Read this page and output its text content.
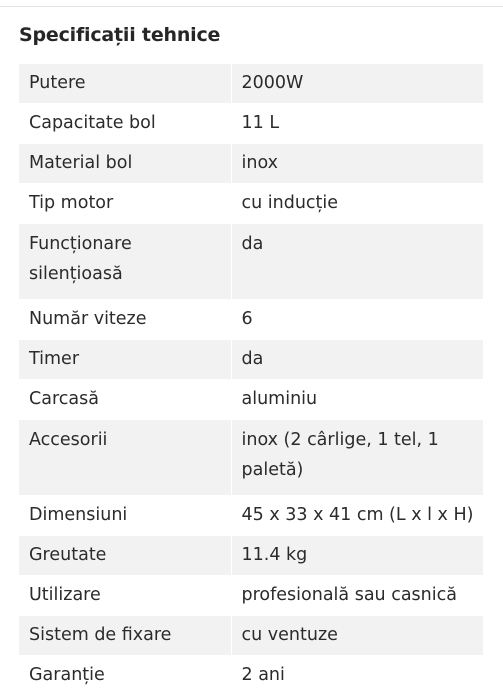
Specificații tehnice
Putere	2000W
Capacitate bol	11 L
Material bol	inox
Tip motor	cu inducție
Funcționare silențioasă	da
Număr viteze	6
Timer	da
Carcasă	aluminiu
Accesorii	inox (2 cârlige, 1 tel, 1 paletă)
Dimensiuni	45 x 33 x 41 cm (L x l x H)
Greutate	11.4 kg
Utilizare	profesională sau casnică
Sistem de fixare	cu ventuze
Garanție	2 ani
